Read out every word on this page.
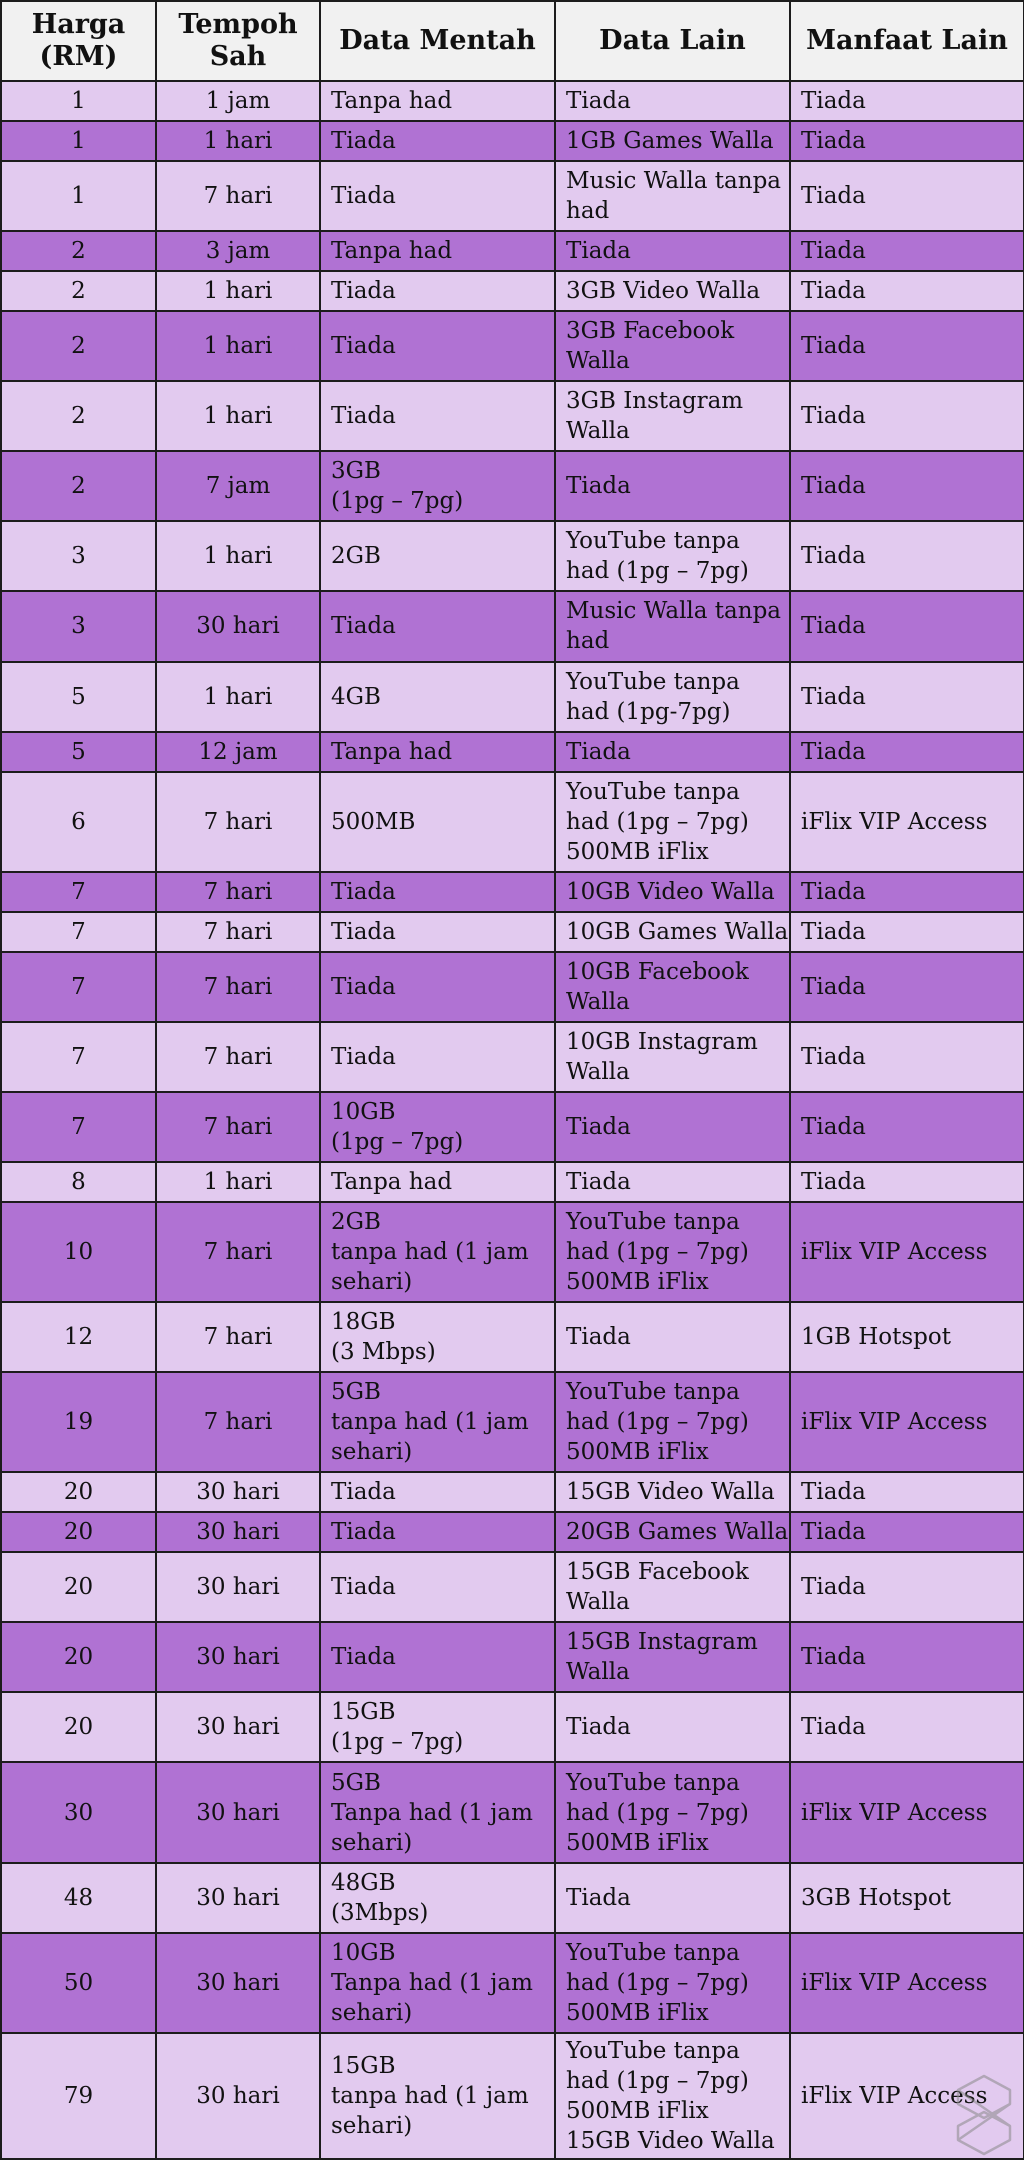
Harga
(RM)	Tempoh
Sah	Data Mentah	Data Lain	Manfaat Lain
1	1 jam	Tanpa had	Tiada	Tiada

1	1 hari	Tiada	1GB Games Walla	Tiada

1	7 hari	Tiada	Music Walla tanpa
had	Tiada

2	3 jam	Tanpa had	Tiada	Tiada

2	1 hari	Tiada	3GB Video Walla	Tiada

2	1 hari	Tiada	3GB Facebook
Walla	Tiada

2	1 hari	Tiada	3GB Instagram
Walla	Tiada

2	7 jam	3GB
(1pg – 7pg)	Tiada	Tiada

3	1 hari	2GB	YouTube tanpa
had (1pg – 7pg)	Tiada

3	30 hari	Tiada	Music Walla tanpa
had	Tiada

5	1 hari	4GB	YouTube tanpa
had (1pg-7pg)	Tiada

5	12 jam	Tanpa had	Tiada	Tiada

6	7 hari	500MB	YouTube tanpa
had (1pg – 7pg)
500MB iFlix	iFlix VIP Access

7	7 hari	Tiada	10GB Video Walla	Tiada

7	7 hari	Tiada	10GB Games Walla	Tiada

7	7 hari	Tiada	10GB Facebook
Walla	Tiada

7	7 hari	Tiada	10GB Instagram
Walla	Tiada

7	7 hari	10GB
(1pg – 7pg)	Tiada	Tiada

8	1 hari	Tanpa had	Tiada	Tiada

10	7 hari	2GB
tanpa had (1 jam
sehari)	YouTube tanpa
had (1pg – 7pg)
500MB iFlix	iFlix VIP Access

12	7 hari	18GB
(3 Mbps)	Tiada	1GB Hotspot

19	7 hari	5GB
tanpa had (1 jam
sehari)	YouTube tanpa
had (1pg – 7pg)
500MB iFlix	iFlix VIP Access

20	30 hari	Tiada	15GB Video Walla	Tiada

20	30 hari	Tiada	20GB Games Walla	Tiada

20	30 hari	Tiada	15GB Facebook
Walla	Tiada

20	30 hari	Tiada	15GB Instagram
Walla	Tiada

20	30 hari	15GB
(1pg – 7pg)	Tiada	Tiada

30	30 hari	5GB
Tanpa had (1 jam
sehari)	YouTube tanpa
had (1pg – 7pg)
500MB iFlix	iFlix VIP Access

48	30 hari	48GB
(3Mbps)	Tiada	3GB Hotspot

50	30 hari	10GB
Tanpa had (1 jam
sehari)	YouTube tanpa
had (1pg – 7pg)
500MB iFlix	iFlix VIP Access

79	30 hari	15GB
tanpa had (1 jam
sehari)	YouTube tanpa
had (1pg – 7pg)
500MB iFlix
15GB Video Walla	iFlix VIP Access
